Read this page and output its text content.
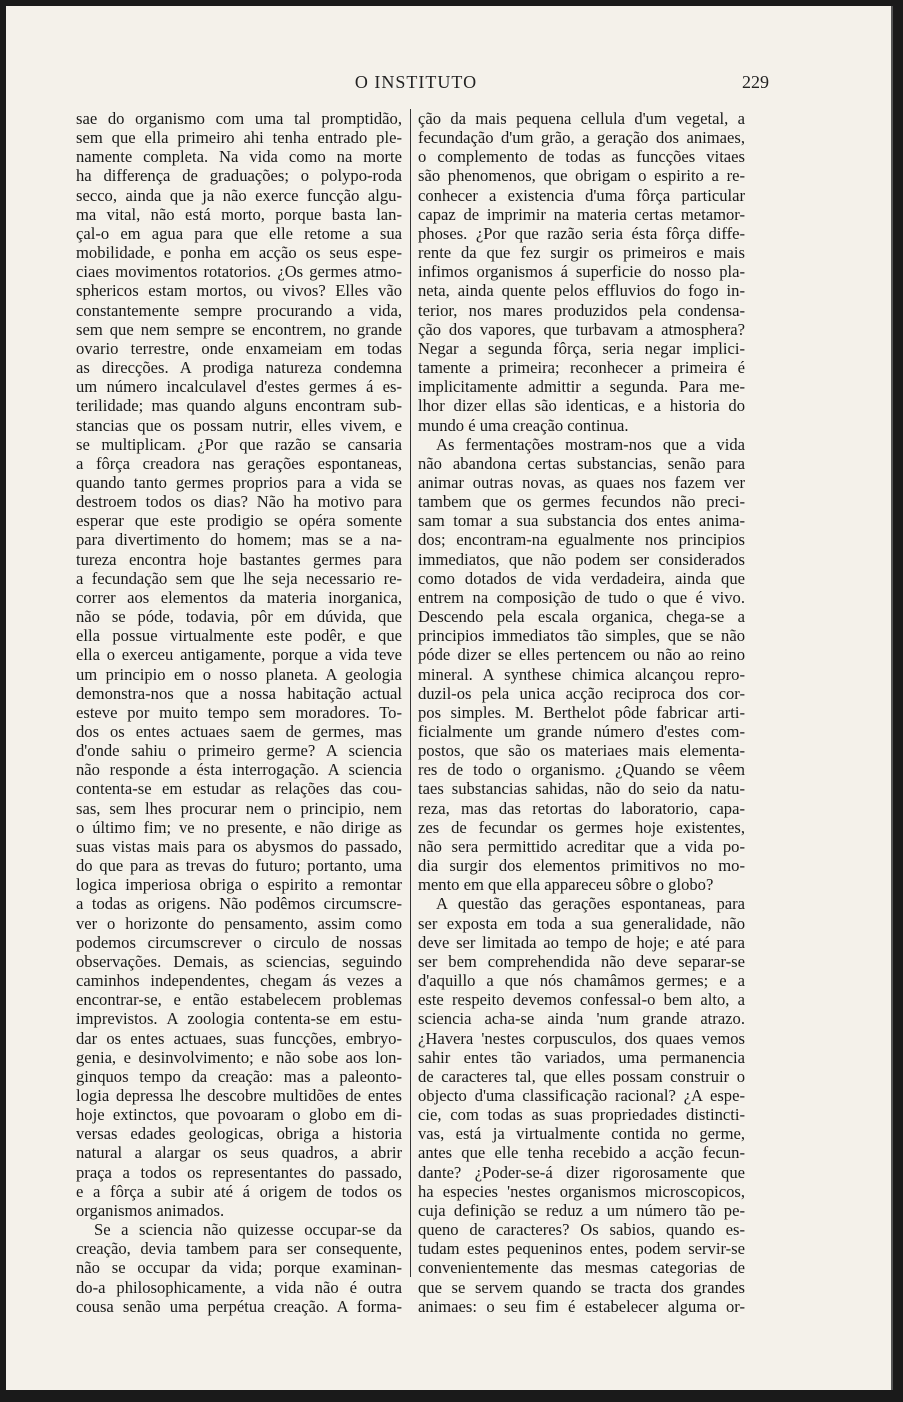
O INSTITUTO	229
sae do organismo com uma tal promptidão,
sem que ella primeiro ahi tenha entrado ple-
namente completa. Na vida como na morte
ha differença de graduações; o polypo-roda
secco, ainda que ja não exerce funcção algu-
ma vital, não está morto, porque basta lan-
çal-o em agua para que elle retome a sua
mobilidade, e ponha em acção os seus espe-
ciaes movimentos rotatorios. ¿Os germes atmo-
sphericos estam mortos, ou vivos? Elles vão
constantemente sempre procurando a vida,
sem que nem sempre se encontrem, no grande
ovario terrestre, onde enxameiam em todas
as direcções. A prodiga natureza condemna
um número incalculavel d'estes germes á es-
terilidade; mas quando alguns encontram sub-
stancias que os possam nutrir, elles vivem, e
se multiplicam. ¿Por que razão se cansaria
a fôrça creadora nas gerações espontaneas,
quando tanto germes proprios para a vida se
destroem todos os dias? Não ha motivo para
esperar que este prodigio se opéra somente
para divertimento do homem; mas se a na-
tureza encontra hoje bastantes germes para
a fecundação sem que lhe seja necessario re-
correr aos elementos da materia inorganica,
não se póde, todavia, pôr em dúvida, que
ella possue virtualmente este podêr, e que
ella o exerceu antigamente, porque a vida teve
um principio em o nosso planeta. A geologia
demonstra-nos que a nossa habitação actual
esteve por muito tempo sem moradores. To-
dos os entes actuaes saem de germes, mas
d'onde sahiu o primeiro germe? A sciencia
não responde a ésta interrogação. A sciencia
contenta-se em estudar as relações das cou-
sas, sem lhes procurar nem o principio, nem
o último fim; ve no presente, e não dirige as
suas vistas mais para os abysmos do passado,
do que para as trevas do futuro; portanto, uma
logica imperiosa obriga o espirito a remontar
a todas as origens. Não podêmos circumscre-
ver o horizonte do pensamento, assim como
podemos circumscrever o circulo de nossas
observações. Demais, as sciencias, seguindo
caminhos independentes, chegam ás vezes a
encontrar-se, e então estabelecem problemas
imprevistos. A zoologia contenta-se em estu-
dar os entes actuaes, suas funcções, embryo-
genia, e desinvolvimento; e não sobe aos lon-
ginquos tempo da creação: mas a paleonto-
logia depressa lhe descobre multidões de entes
hoje extinctos, que povoaram o globo em di-
versas edades geologicas, obriga a historia
natural a alargar os seus quadros, a abrir
praça a todos os representantes do passado,
e a fôrça a subir até á origem de todos os
organismos animados.
Se a sciencia não quizesse occupar-se da
creação, devia tambem para ser consequente,
não se occupar da vida; porque examinan-
do-a philosophicamente, a vida não é outra
cousa senão uma perpétua creação. A forma-
ção da mais pequena cellula d'um vegetal, a
fecundação d'um grão, a geração dos animaes,
o complemento de todas as funcções vitaes
são phenomenos, que obrigam o espirito a re-
conhecer a existencia d'uma fôrça particular
capaz de imprimir na materia certas metamor-
phoses. ¿Por que razão seria ésta fôrça diffe-
rente da que fez surgir os primeiros e mais
infimos organismos á superficie do nosso pla-
neta, ainda quente pelos effluvios do fogo in-
terior, nos mares produzidos pela condensa-
ção dos vapores, que turbavam a atmosphera?
Negar a segunda fôrça, seria negar implici-
tamente a primeira; reconhecer a primeira é
implicitamente admittir a segunda. Para me-
lhor dizer ellas são identicas, e a historia do
mundo é uma creação continua.
As fermentações mostram-nos que a vida
não abandona certas substancias, senão para
animar outras novas, as quaes nos fazem ver
tambem que os germes fecundos não preci-
sam tomar a sua substancia dos entes anima-
dos; encontram-na egualmente nos principios
immediatos, que não podem ser considerados
como dotados de vida verdadeira, ainda que
entrem na composição de tudo o que é vivo.
Descendo pela escala organica, chega-se a
principios immediatos tão simples, que se não
póde dizer se elles pertencem ou não ao reino
mineral. A synthese chimica alcançou repro-
duzil-os pela unica acção reciproca dos cor-
pos simples. M. Berthelot pôde fabricar arti-
ficialmente um grande número d'estes com-
postos, que são os materiaes mais elementa-
res de todo o organismo. ¿Quando se vêem
taes substancias sahidas, não do seio da natu-
reza, mas das retortas do laboratorio, capa-
zes de fecundar os germes hoje existentes,
não sera permittido acreditar que a vida po-
dia surgir dos elementos primitivos no mo-
mento em que ella appareceu sôbre o globo?
A questão das gerações espontaneas, para
ser exposta em toda a sua generalidade, não
deve ser limitada ao tempo de hoje; e até para
ser bem comprehendida não deve separar-se
d'aquillo a que nós chamâmos germes; e a
este respeito devemos confessal-o bem alto, a
sciencia acha-se ainda 'num grande atrazo.
¿Havera 'nestes corpusculos, dos quaes vemos
sahir entes tão variados, uma permanencia
de caracteres tal, que elles possam construir o
objecto d'uma classificação racional? ¿A espe-
cie, com todas as suas propriedades distincti-
vas, está ja virtualmente contida no germe,
antes que elle tenha recebido a acção fecun-
dante? ¿Poder-se-á dizer rigorosamente que
ha especies 'nestes organismos microscopicos,
cuja definição se reduz a um número tão pe-
queno de caracteres? Os sabios, quando es-
tudam estes pequeninos entes, podem servir-se
convenientemente das mesmas categorias de
que se servem quando se tracta dos grandes
animaes: o seu fim é estabelecer alguma or-
